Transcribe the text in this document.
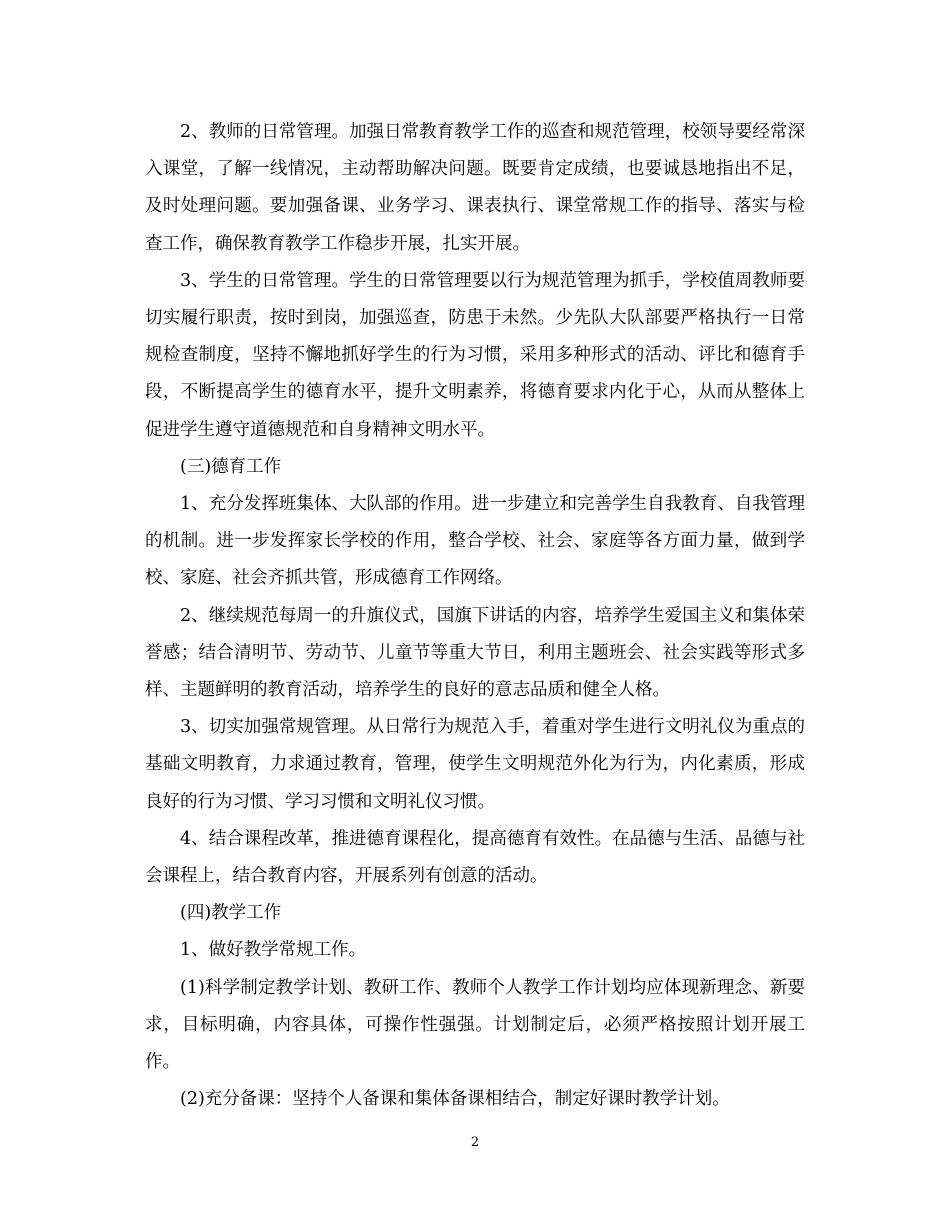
2、教师的日常管理。加强日常教育教学工作的巡查和规范管理，校领导要经常深入课堂，了解一线情况，主动帮助解决问题。既要肯定成绩，也要诚恳地指出不足，及时处理问题。要加强备课、业务学习、课表执行、课堂常规工作的指导、落实与检查工作，确保教育教学工作稳步开展，扎实开展。

3、学生的日常管理。学生的日常管理要以行为规范管理为抓手，学校值周教师要切实履行职责，按时到岗，加强巡查，防患于未然。少先队大队部要严格执行一日常规检查制度，坚持不懈地抓好学生的行为习惯，采用多种形式的活动、评比和德育手段，不断提高学生的德育水平，提升文明素养，将德育要求内化于心，从而从整体上促进学生遵守道德规范和自身精神文明水平。

(三)德育工作

1、充分发挥班集体、大队部的作用。进一步建立和完善学生自我教育、自我管理的机制。进一步发挥家长学校的作用，整合学校、社会、家庭等各方面力量，做到学校、家庭、社会齐抓共管，形成德育工作网络。

2、继续规范每周一的升旗仪式，国旗下讲话的内容，培养学生爱国主义和集体荣誉感；结合清明节、劳动节、儿童节等重大节日，利用主题班会、社会实践等形式多样、主题鲜明的教育活动，培养学生的良好的意志品质和健全人格。

3、切实加强常规管理。从日常行为规范入手，着重对学生进行文明礼仪为重点的基础文明教育，力求通过教育，管理，使学生文明规范外化为行为，内化素质，形成良好的行为习惯、学习习惯和文明礼仪习惯。

4、结合课程改革，推进德育课程化，提高德育有效性。在品德与生活、品德与社会课程上，结合教育内容，开展系列有创意的活动。

(四)教学工作

1、做好教学常规工作。

(1)科学制定教学计划、教研工作、教师个人教学工作计划均应体现新理念、新要求，目标明确，内容具体，可操作性强强。计划制定后，必须严格按照计划开展工作。

(2)充分备课：坚持个人备课和集体备课相结合，制定好课时教学计划。

2
